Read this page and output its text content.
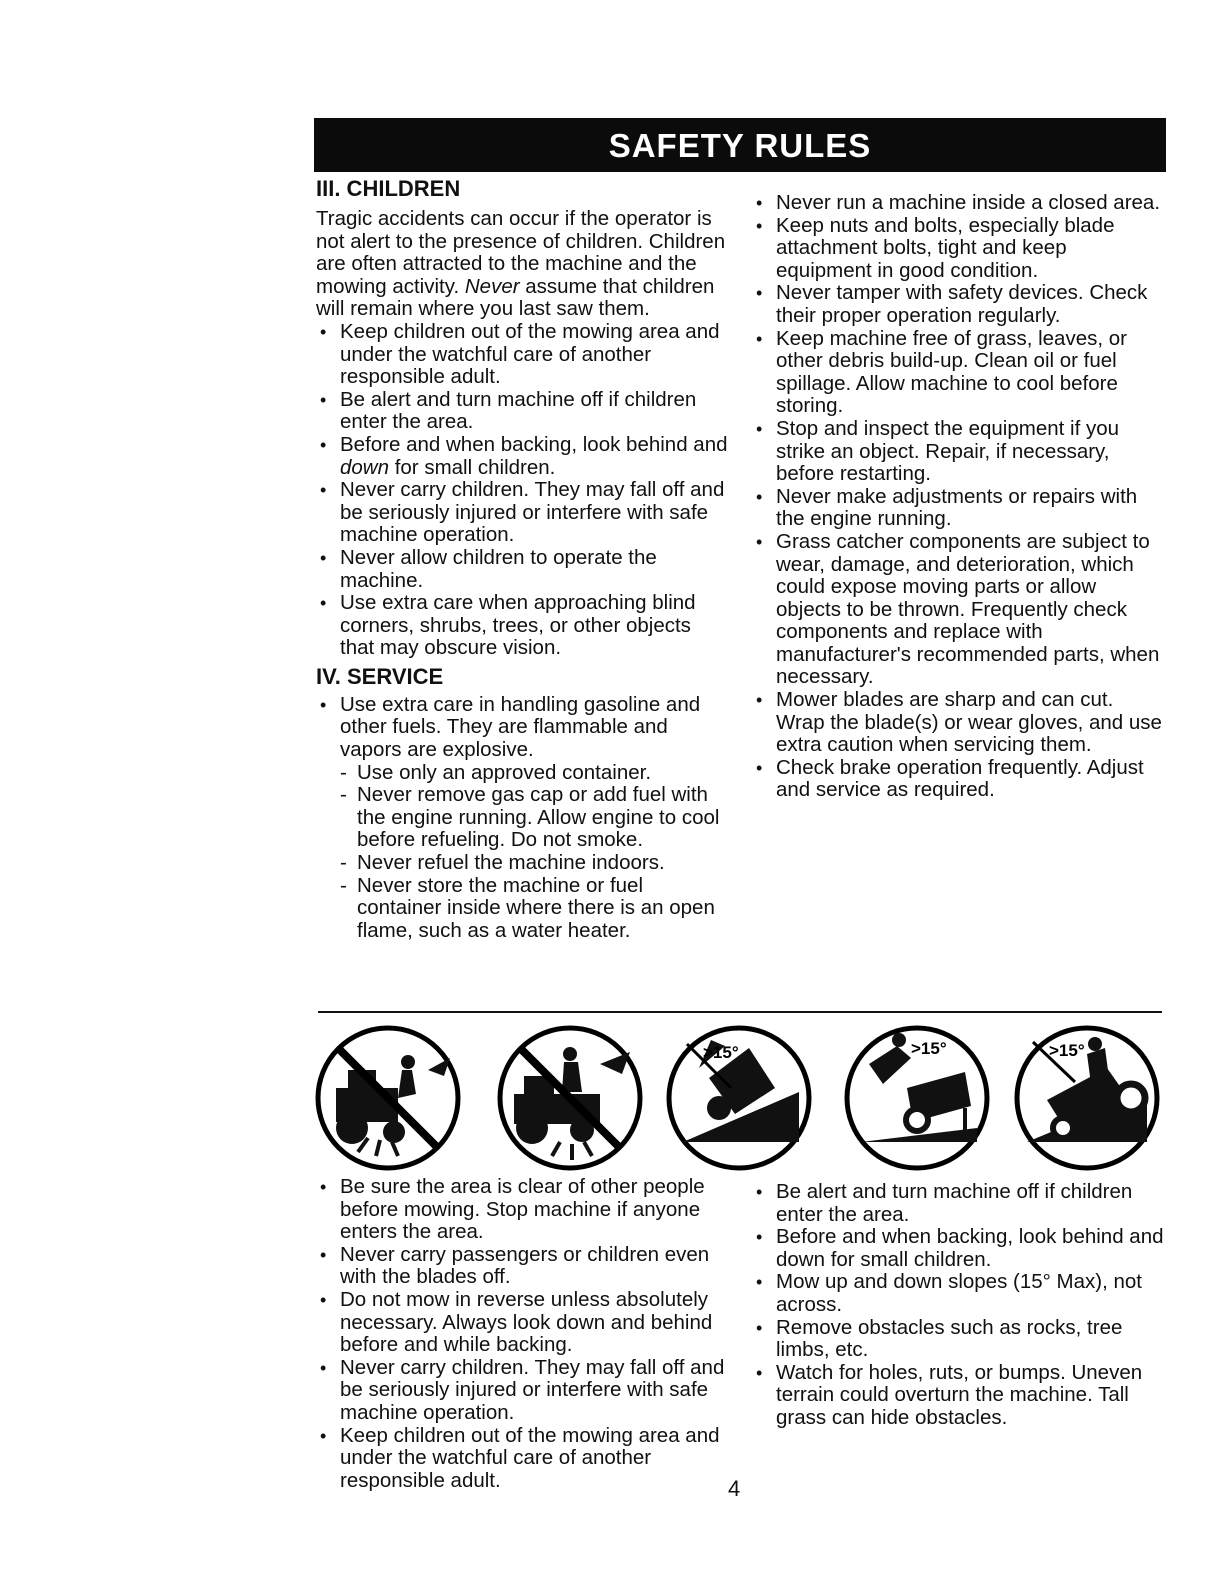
SAFETY RULES

III. CHILDREN

Tragic accidents can occur if the operator is not alert to the presence of children. Children are often attracted to the machine and the mowing activity. Never assume that children will remain where you last saw them.

• Keep children out of the mowing area and under the watchful care of another responsible adult.
• Be alert and turn machine off if children enter the area.
• Before and when backing, look behind and down for small children.
• Never carry children. They may fall off and be seriously injured or interfere with safe machine operation.
• Never allow children to operate the machine.
• Use extra care when approaching blind corners, shrubs, trees, or other objects that may obscure vision.

IV. SERVICE

• Use extra care in handling gasoline and other fuels. They are flammable and vapors are explosive.
- Use only an approved container.
- Never remove gas cap or add fuel with the engine running. Allow engine to cool before refueling. Do not smoke.
- Never refuel the machine indoors.
- Never store the machine or fuel container inside where there is an open flame, such as a water heater.
• Never run a machine inside a closed area.
• Keep nuts and bolts, especially blade attachment bolts, tight and keep equipment in good condition.
• Never tamper with safety devices. Check their proper operation regularly.
• Keep machine free of grass, leaves, or other debris build-up. Clean oil or fuel spillage. Allow machine to cool before storing.
• Stop and inspect the equipment if you strike an object. Repair, if necessary, before restarting.
• Never make adjustments or repairs with the engine running.
• Grass catcher components are subject to wear, damage, and deterioration, which could expose moving parts or allow objects to be thrown. Frequently check components and replace with manufacturer's recommended parts, when necessary.
• Mower blades are sharp and can cut. Wrap the blade(s) or wear gloves, and use extra caution when servicing them.
• Check brake operation frequently. Adjust and service as required.
>15°	>15°	>15°
• Be sure the area is clear of other people before mowing. Stop machine if anyone enters the area.
• Never carry passengers or children even with the blades off.
• Do not mow in reverse unless absolutely necessary. Always look down and behind before and while backing.
• Never carry children. They may fall off and be seriously injured or interfere with safe machine operation.
• Keep children out of the mowing area and under the watchful care of another responsible adult.
• Be alert and turn machine off if children enter the area.
• Before and when backing, look behind and down for small children.
• Mow up and down slopes (15° Max), not across.
• Remove obstacles such as rocks, tree limbs, etc.
• Watch for holes, ruts, or bumps. Uneven terrain could overturn the machine. Tall grass can hide obstacles.
4
